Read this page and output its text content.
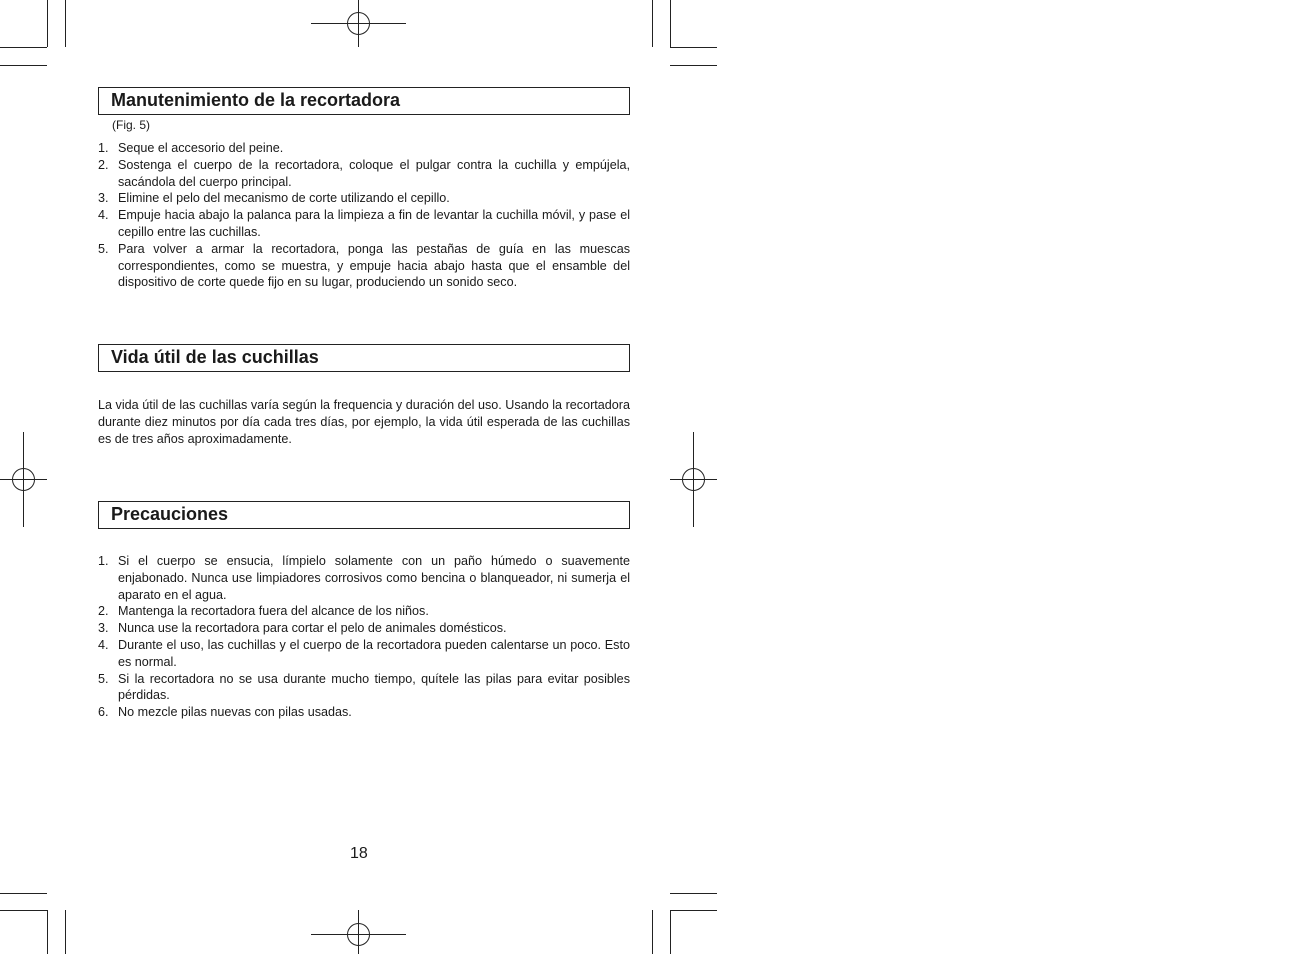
Manutenimiento de la recortadora
(Fig. 5)
1. Seque el accesorio del peine.
2. Sostenga el cuerpo de la recortadora, coloque el pulgar contra la cuchilla y empújela, sacándola del cuerpo principal.
3. Elimine el pelo del mecanismo de corte utilizando el cepillo.
4. Empuje hacia abajo la palanca para la limpieza a fin de levantar la cuchilla móvil, y pase el cepillo entre las cuchillas.
5. Para volver a armar la recortadora, ponga las pestañas de guía en las muescas correspondientes, como se muestra, y empuje hacia abajo hasta que el ensamble del dispositivo de corte quede fijo en su lugar, produciendo un sonido seco.
Vida útil de las cuchillas

La vida útil de las cuchillas varía según la frequencia y duración del uso. Usando la recortadora durante diez minutos por día cada tres días, por ejemplo, la vida útil esperada de las cuchillas es de tres años aproximadamente.

Precauciones
1. Si el cuerpo se ensucia, límpielo solamente con un paño húmedo o suavemente enjabonado. Nunca use limpiadores corrosivos como bencina o blanqueador, ni sumerja el aparato en el agua.
2. Mantenga la recortadora fuera del alcance de los niños.
3. Nunca use la recortadora para cortar el pelo de animales domésticos.
4. Durante el uso, las cuchillas y el cuerpo de la recortadora pueden calentarse un poco. Esto es normal.
5. Si la recortadora no se usa durante mucho tiempo, quítele las pilas para evitar posibles pérdidas.
6. No mezcle pilas nuevas con pilas usadas.
18
